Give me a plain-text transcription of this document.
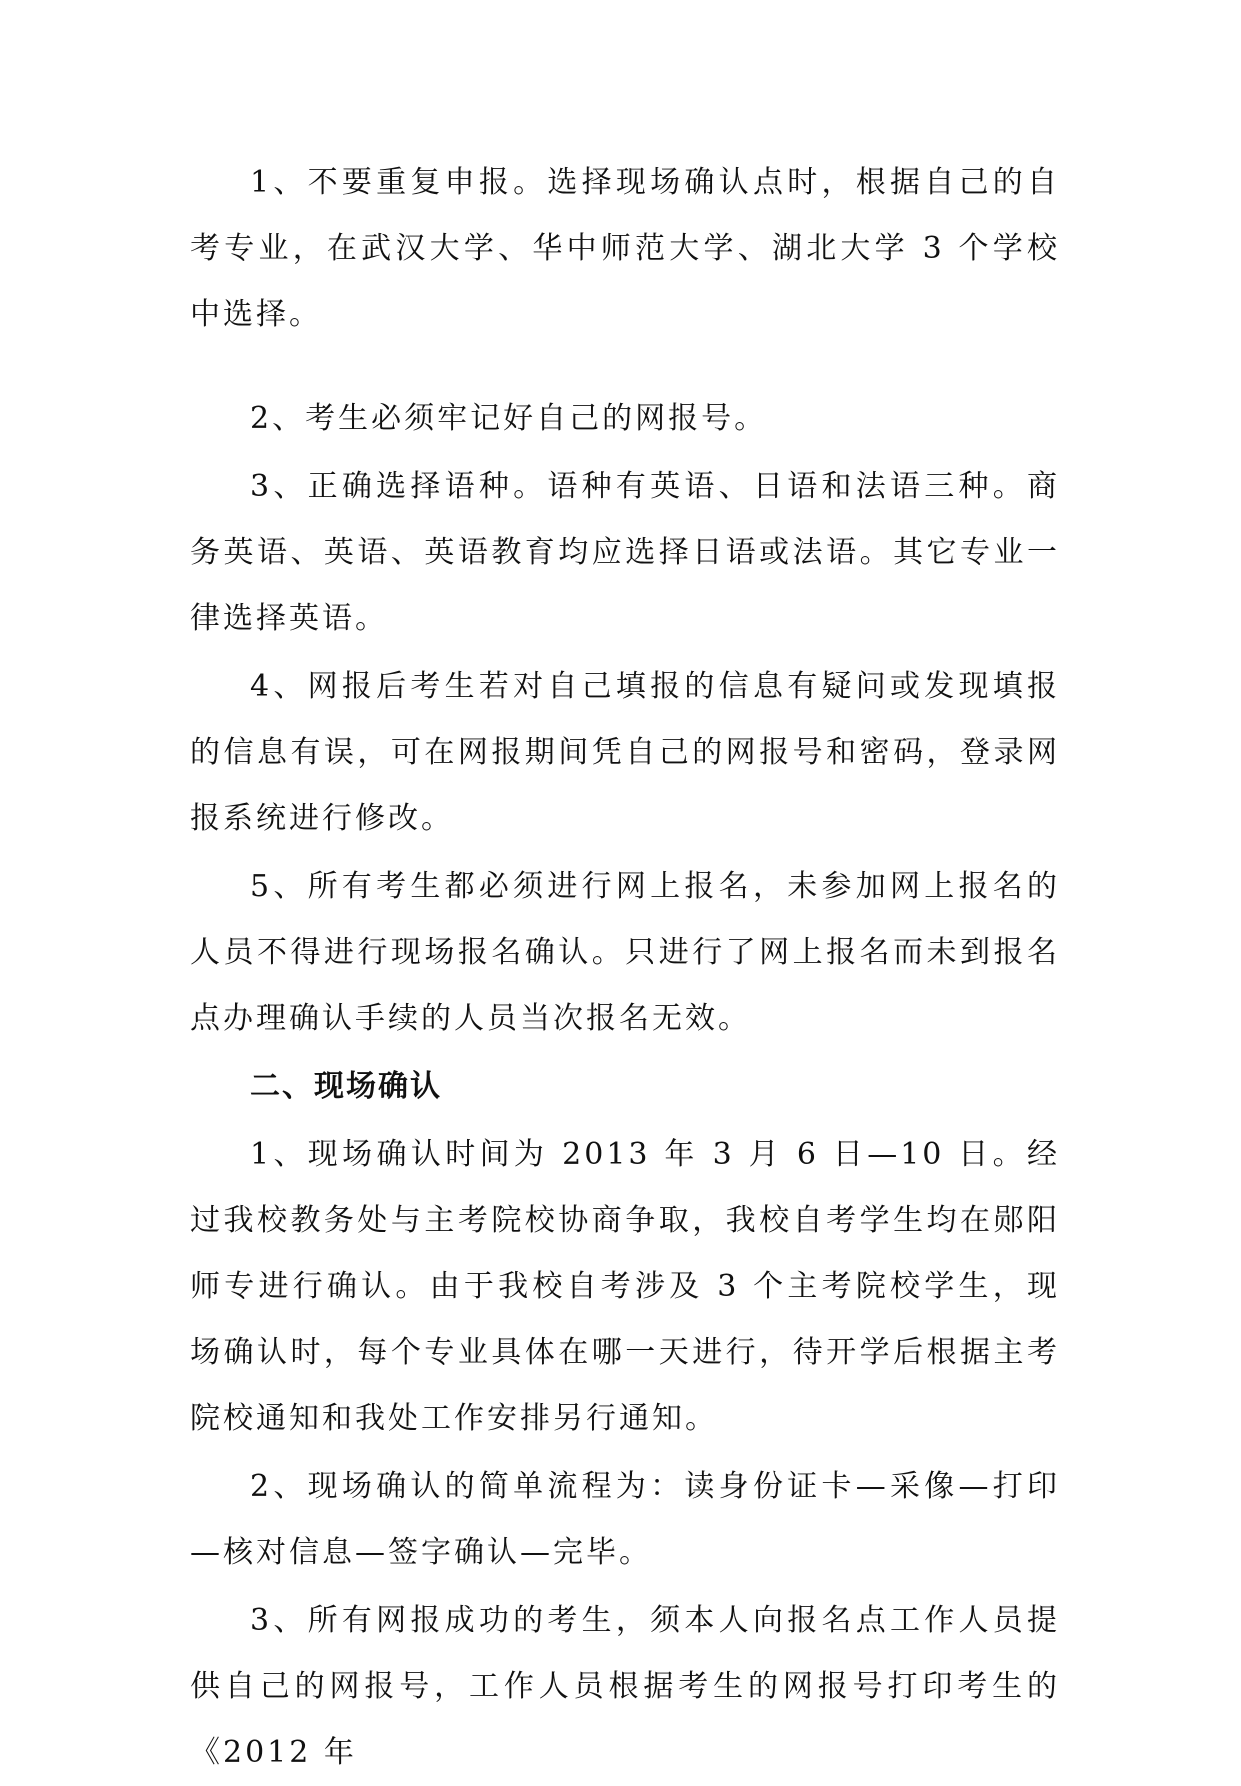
1、不要重复申报。选择现场确认点时，根据自己的自考专业，在武汉大学、华中师范大学、湖北大学 3 个学校中选择。

2、考生必须牢记好自己的网报号。

3、正确选择语种。语种有英语、日语和法语三种。商务英语、英语、英语教育均应选择日语或法语。其它专业一律选择英语。

4、网报后考生若对自己填报的信息有疑问或发现填报的信息有误，可在网报期间凭自己的网报号和密码，登录网报系统进行修改。

5、所有考生都必须进行网上报名，未参加网上报名的人员不得进行现场报名确认。只进行了网上报名而未到报名点办理确认手续的人员当次报名无效。

二、现场确认

1、现场确认时间为 2013 年 3 月 6 日—10 日。经过我校教务处与主考院校协商争取，我校自考学生均在郧阳师专进行确认。由于我校自考涉及 3 个主考院校学生，现场确认时，每个专业具体在哪一天进行，待开学后根据主考院校通知和我处工作安排另行通知。

2、现场确认的简单流程为：读身份证卡—采像—打印—核对信息—签字确认—完毕。

3、所有网报成功的考生，须本人向报名点工作人员提供自己的网报号，工作人员根据考生的网报号打印考生的《2012 年
